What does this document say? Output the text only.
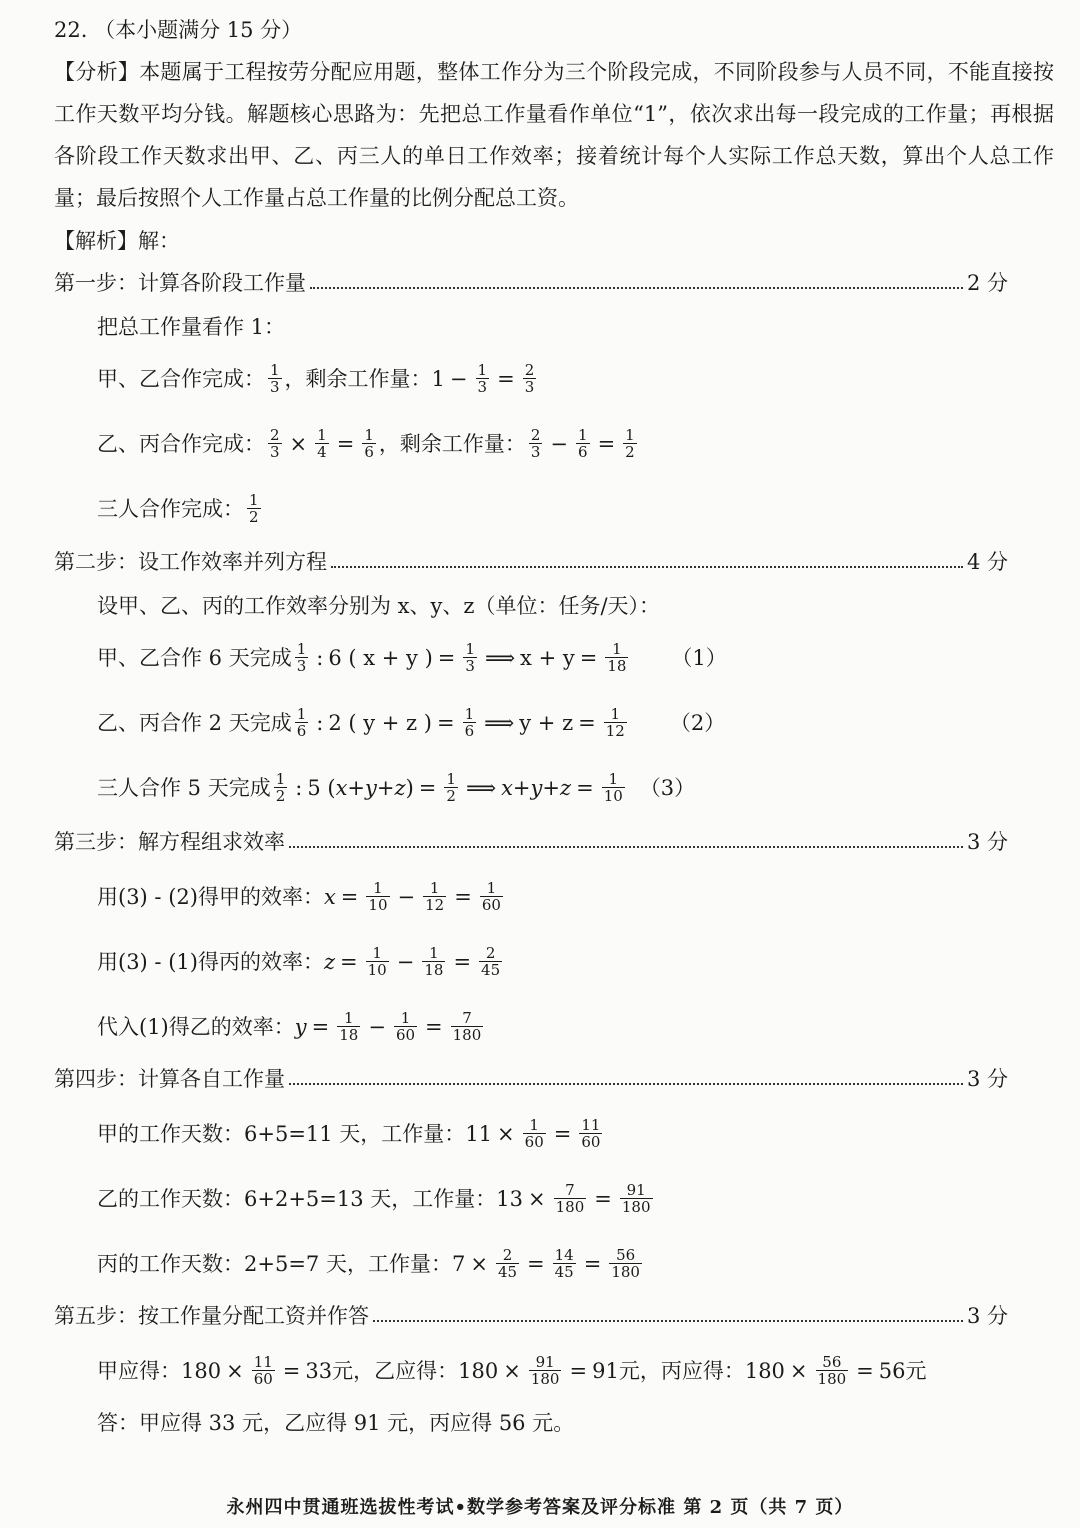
22. （本小题满分 15 分）
【分析】本题属于工程按劳分配应用题，整体工作分为三个阶段完成，不同阶段参与人员不同，不能直接按工作天数平均分钱。解题核心思路为：先把总工作量看作单位“1”，依次求出每一段完成的工作量；再根据各阶段工作天数求出甲、乙、丙三人的单日工作效率；接着统计每个人实际工作总天数，算出个人总工作量；最后按照个人工作量占总工作量的比例分配总工资。
【解析】解：
第一步：计算各阶段工作量	2 分
把总工作量看作 1：
甲、乙合作完成： 1
3 ，剩余工作量： $1 - \frac{1}{3} = \frac{2}{3}$
乙、丙合作完成： $\frac{2}{3} \times \frac{1}{4} = \frac{1}{6}$ ，剩余工作量： 2
$3 - \frac{1}{6} = \frac{1}{2}$
三人合作完成： 1
2
第二步：设工作效率并列方程	4 分
设甲、乙、丙的工作效率分别为 x、y、z（单位：任务/天）：
甲、乙合作 6 天完成 1
3 : 6 ( x + y ) = $\frac{1}{3}$ ⟹ $x + y = \frac{1}{18} (1)$
乙、丙合作 2 天完成 1
6 : 2 ( y + z ) = $\frac{1}{6}$ ⟹ $y + z = \frac{1}{12} (2)$
三人合作 5 天完成 1
2 : 5 ( x + y + z ) = $\frac{1}{2}$ ⟹ $x + y + z = \frac{1}{10} (3)$
第三步：解方程组求效率	3 分
用(3) - (2)得甲的效率： $x = \frac{1}{10} - \frac{1}{12} = \frac{1}{60}$
用(3) - (1)得丙的效率： $z = \frac{1}{10} - \frac{1}{18} = \frac{2}{45}$
代入(1)得乙的效率： $y = \frac{1}{18} - \frac{1}{60} = \frac{7}{180}$
第四步：计算各自工作量	3 分
甲的工作天数：6+5=11 天，工作量： $11 \times \frac{1}{60} = \frac{11}{60}$
乙的工作天数：6+2+5=13 天，工作量： $13 \times \frac{7}{180} = \frac{91}{180}$
丙的工作天数：2+5=7 天，工作量： $7 \times \frac{2}{45} = \frac{14}{45} = \frac{56}{180}$
第五步：按工作量分配工资并作答	3 分
甲应得： $180 \times \frac{11}{60} = 33$ 元 ，乙应得： $180 \times \frac{91}{180} = 91$ 元 ，丙应得： $180 \times \frac{56}{180} = 56$ 元
答：甲应得 33 元，乙应得 91 元，丙应得 56 元。
永州四中贯通班选拔性考试•数学参考答案及评分标准 第 2 页（共 7 页）
